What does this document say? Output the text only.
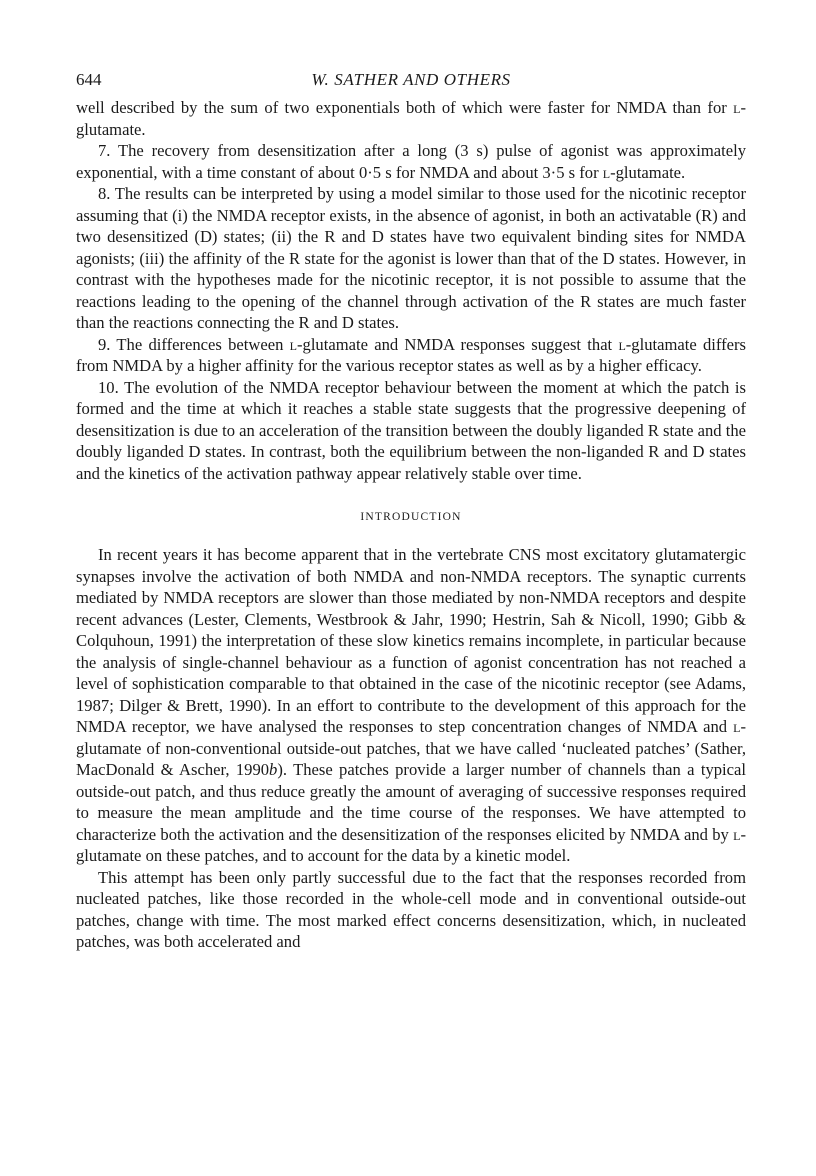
644	W. SATHER AND OTHERS

well described by the sum of two exponentials both of which were faster for NMDA than for l-glutamate.

7. The recovery from desensitization after a long (3 s) pulse of agonist was approximately exponential, with a time constant of about 0·5 s for NMDA and about 3·5 s for l-glutamate.

8. The results can be interpreted by using a model similar to those used for the nicotinic receptor assuming that (i) the NMDA receptor exists, in the absence of agonist, in both an activatable (R) and two desensitized (D) states; (ii) the R and D states have two equivalent binding sites for NMDA agonists; (iii) the affinity of the R state for the agonist is lower than that of the D states. However, in contrast with the hypotheses made for the nicotinic receptor, it is not possible to assume that the reactions leading to the opening of the channel through activation of the R states are much faster than the reactions connecting the R and D states.

9. The differences between l-glutamate and NMDA responses suggest that l-glutamate differs from NMDA by a higher affinity for the various receptor states as well as by a higher efficacy.

10. The evolution of the NMDA receptor behaviour between the moment at which the patch is formed and the time at which it reaches a stable state suggests that the progressive deepening of desensitization is due to an acceleration of the transition between the doubly liganded R state and the doubly liganded D states. In contrast, both the equilibrium between the non-liganded R and D states and the kinetics of the activation pathway appear relatively stable over time.

INTRODUCTION

In recent years it has become apparent that in the vertebrate CNS most excitatory glutamatergic synapses involve the activation of both NMDA and non-NMDA receptors. The synaptic currents mediated by NMDA receptors are slower than those mediated by non-NMDA receptors and despite recent advances (Lester, Clements, Westbrook & Jahr, 1990; Hestrin, Sah & Nicoll, 1990; Gibb & Colquhoun, 1991) the interpretation of these slow kinetics remains incomplete, in particular because the analysis of single-channel behaviour as a function of agonist concentration has not reached a level of sophistication comparable to that obtained in the case of the nicotinic receptor (see Adams, 1987; Dilger & Brett, 1990). In an effort to contribute to the development of this approach for the NMDA receptor, we have analysed the responses to step concentration changes of NMDA and l-glutamate of non-conventional outside-out patches, that we have called ‘nucleated patches’ (Sather, MacDonald & Ascher, 1990b). These patches provide a larger number of channels than a typical outside-out patch, and thus reduce greatly the amount of averaging of successive responses required to measure the mean amplitude and the time course of the responses. We have attempted to characterize both the activation and the desensitization of the responses elicited by NMDA and by l-glutamate on these patches, and to account for the data by a kinetic model.

This attempt has been only partly successful due to the fact that the responses recorded from nucleated patches, like those recorded in the whole-cell mode and in conventional outside-out patches, change with time. The most marked effect concerns desensitization, which, in nucleated patches, was both accelerated and
